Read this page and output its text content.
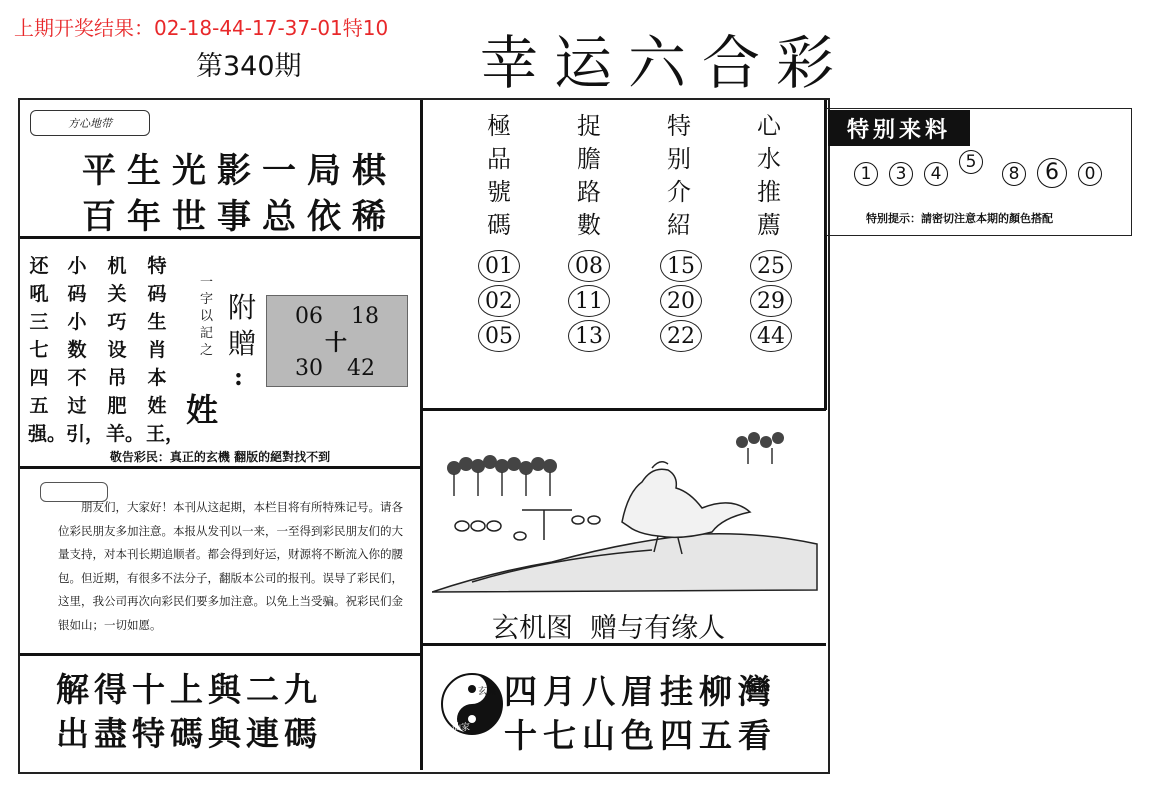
上期开奖结果：02-18-44-17-37-01特10
第340期	幸运六合彩
方心地带
平生光影一局棋
百年世事总依稀
特码生肖本姓王，
机关巧设吊肥羊。
小码小数不过引，
还吼三七四五强。
一字以記之
附贈
:
姓
06 18
十
30 42
敬告彩民：真正的玄機 翻版的絕對找不到
朋友们，大家好！本刊从这起期，本栏目将有所特殊记号。请各位彩民朋友多加注意。本报从发刊以一来，一至得到彩民朋友们的大量支持，对本刊长期追顺者。都会得到好运，财源将不断流入你的腰包。但近期，有很多不法分子，翻版本公司的报刊。误导了彩民们，这里，我公司再次向彩民们要多加注意。以免上当受骗。祝彩民们金银如山；一切如愿。
解得十上與二九
出盡特碼與連碼
極品號碼
捉膽路數
特别介紹
心水推薦
01
02
05
08
11
13
15
20
22
25
29
44
玄机图  赠与有缘人
玄機
仙家
四月八眉挂柳灣
十七山色四五看
特别来料
1 3 4 5 8 6 0
特别提示：請密切注意本期的顏色搭配
